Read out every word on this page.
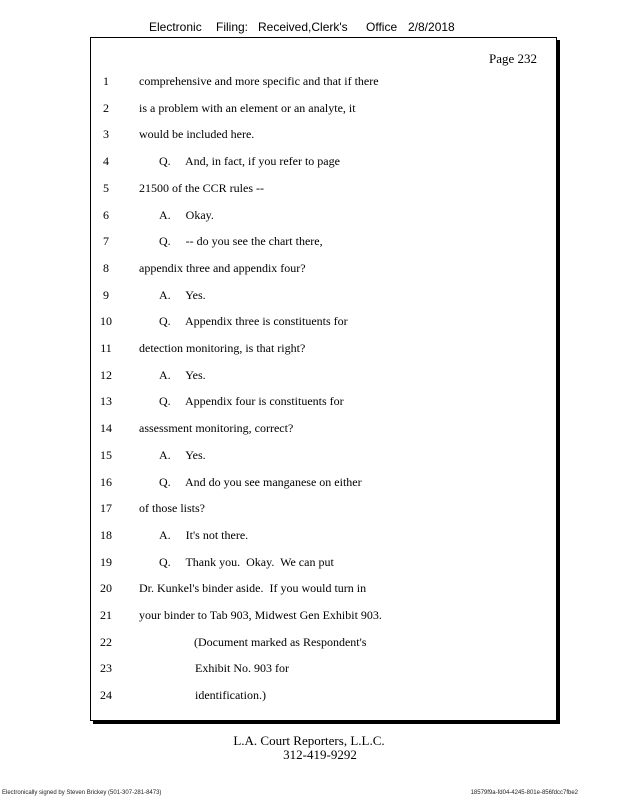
Electronic Filing: Received,Clerk's Office 2/8/2018
Page 232
1	comprehensive and more specific and that if there
2	is a problem with an element or an analyte, it
3	would be included here.
4	Q.     And, in fact, if you refer to page
5	21500 of the CCR rules --
6	A.     Okay.
7	Q.     -- do you see the chart there,
8	appendix three and appendix four?
9	A.     Yes.
10	Q.     Appendix three is constituents for
11	detection monitoring, is that right?
12	A.     Yes.
13	Q.     Appendix four is constituents for
14	assessment monitoring, correct?
15	A.     Yes.
16	Q.     And do you see manganese on either
17	of those lists?
18	A.     It's not there.
19	Q.     Thank you.  Okay.  We can put
20	Dr. Kunkel's binder aside.  If you would turn in
21	your binder to Tab 903, Midwest Gen Exhibit 903.
22	(Document marked as Respondent's
23	Exhibit No. 903 for
24	identification.)
L.A. Court Reporters, L.L.C.
312-419-9292
Electronically signed by Steven Brickey (501-307-281-8473)	18579f9a-fd04-4245-801e-856fdcc7fbe2
